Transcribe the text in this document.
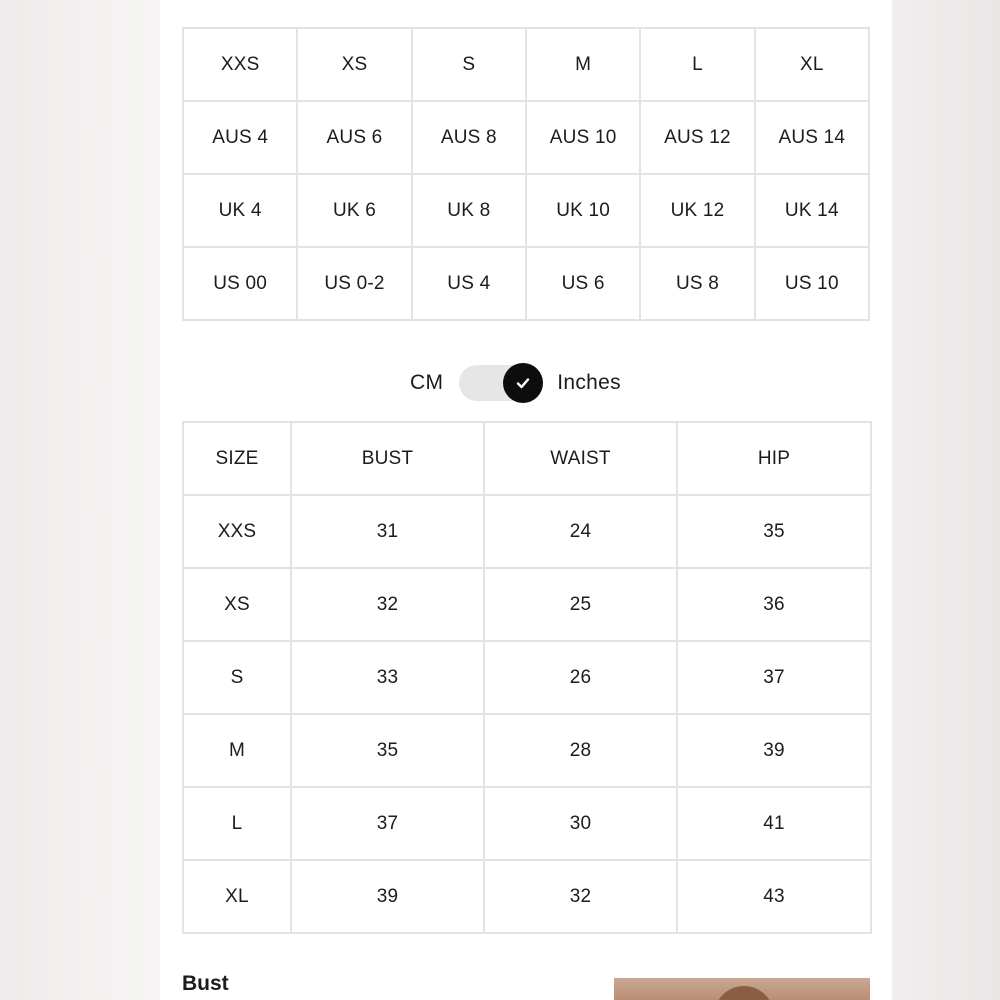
XXS	XS	S	M	L	XL
AUS 4	AUS 6	AUS 8	AUS 10	AUS 12	AUS 14
UK 4	UK 6	UK 8	UK 10	UK 12	UK 14
US 00	US 0-2	US 4	US 6	US 8	US 10
CM	Inches
SIZE	BUST	WAIST	HIP
XXS	31	24	35
XS	32	25	36
S	33	26	37
M	35	28	39
L	37	30	41
XL	39	32	43
Bust
